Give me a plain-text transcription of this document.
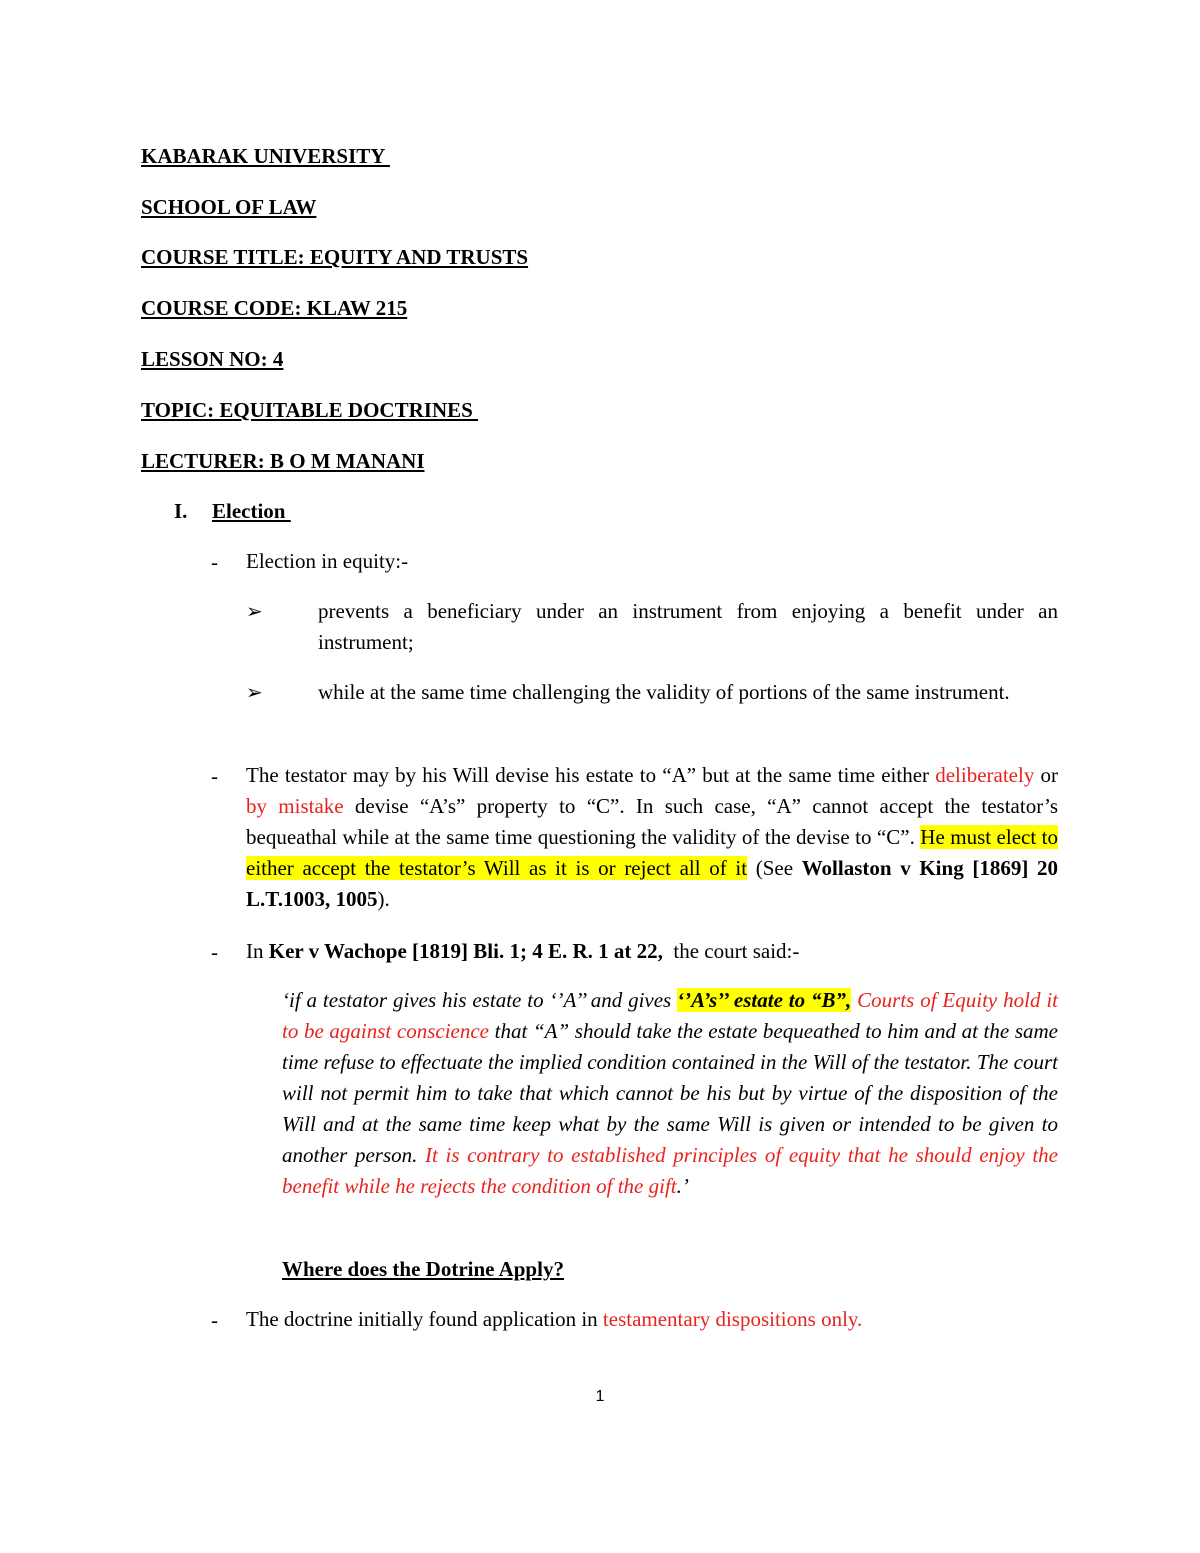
KABARAK UNIVERSITY
SCHOOL OF LAW
COURSE TITLE: EQUITY AND TRUSTS
COURSE CODE: KLAW 215
LESSON NO: 4
TOPIC: EQUITABLE DOCTRINES
LECTURER: B O M MANANI
I. Election
- Election in equity:-
➢	prevents a beneficiary under an instrument from enjoying a benefit under an instrument;
➢	while at the same time challenging the validity of portions of the same instrument.
- The testator may by his Will devise his estate to “A” but at the same time either deliberately or by mistake devise “A’s” property to “C”. In such case, “A” cannot accept the testator’s bequeathal while at the same time questioning the validity of the devise to “C”. He must elect to either accept the testator’s Will as it is or reject all of it (See Wollaston v King [1869] 20 L.T.1003, 1005).
- In Ker v Wachope [1819] Bli. 1; 4 E. R. 1 at 22,  the court said:-
‘if a testator gives his estate to ‘’A’’ and gives ‘’A’s’’ estate to “B”, Courts of Equity hold it to be against conscience that “A” should take the estate bequeathed to him and at the same time refuse to effectuate the implied condition contained in the Will of the testator. The court will not permit him to take that which cannot be his but by virtue of the disposition of the Will and at the same time keep what by the same Will is given or intended to be given to another person. It is contrary to established principles of equity that he should enjoy the benefit while he rejects the condition of the gift.’
Where does the Dotrine Apply?
- The doctrine initially found application in testamentary dispositions only.
1
